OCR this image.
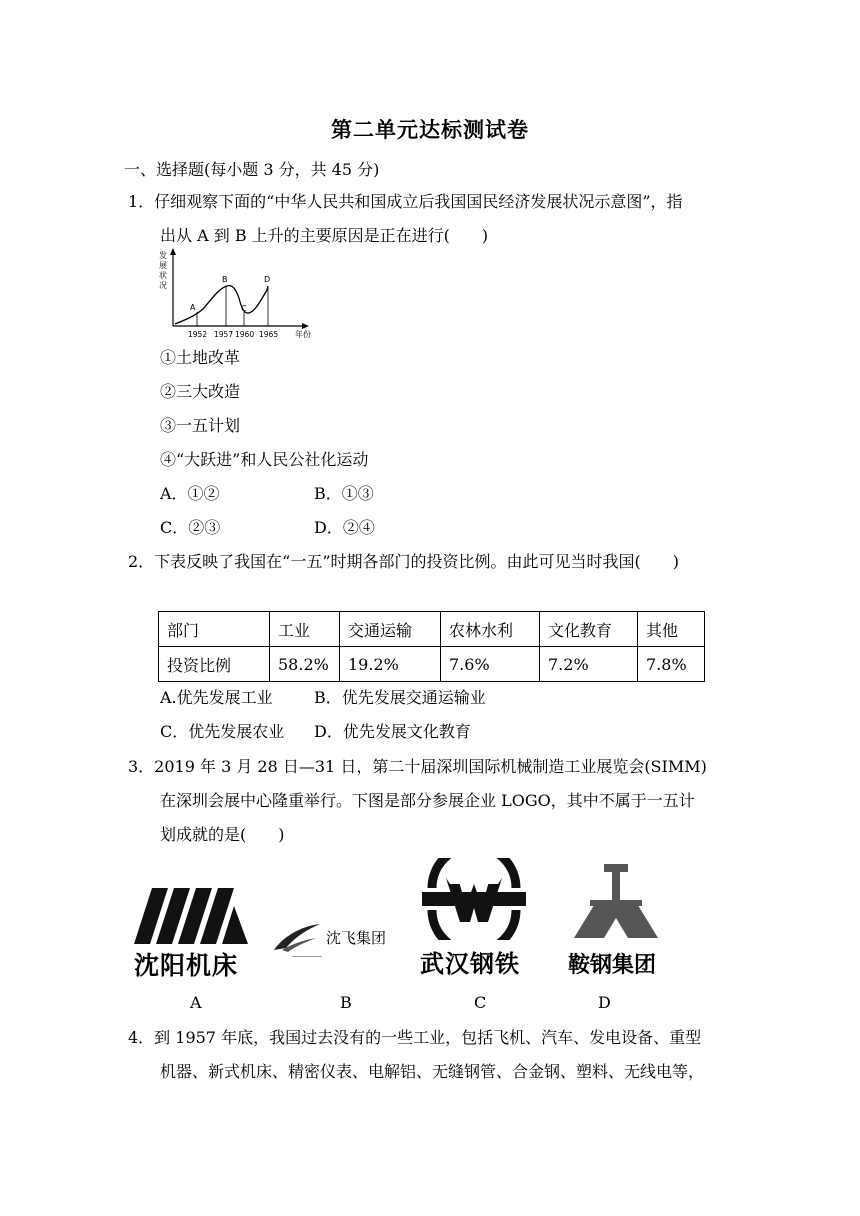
第二单元达标测试卷
一、选择题(每小题 3 分，共 45 分)
1．仔细观察下面的“中华人民共和国成立后我国国民经济发展状况示意图”，指
出从 A 到 B 上升的主要原因是正在进行(　　)
发
展
状
况
A
B
C
D
1952 1957 1960 1965 年份
①土地改革
②三大改造
③一五计划
④“大跃进”和人民公社化运动
A．①②	B．①③
C．②③	D．②④
2．下表反映了我国在“一五”时期各部门的投资比例。由此可见当时我国(　　)
部门	工业	交通运输	农林水利	文化教育	其他
投资比例	58.2%	19.2%	7.6%	7.2%	7.8%
A.优先发展工业	B．优先发展交通运输业
C．优先发展农业 D．优先发展文化教育
3．2019 年 3 月 28 日—31 日，第二十届深圳国际机械制造工业展览会(SIMM)
在深圳会展中心隆重举行。下图是部分参展企业 LOGO，其中不属于一五计
划成就的是(　　)
沈阳机床
A
沈飞集团
B
武汉钢铁
C
鞍钢集团
D
4．到 1957 年底，我国过去没有的一些工业，包括飞机、汽车、发电设备、重型
机器、新式机床、精密仪表、电解铝、无缝钢管、合金钢、塑料、无线电等，
